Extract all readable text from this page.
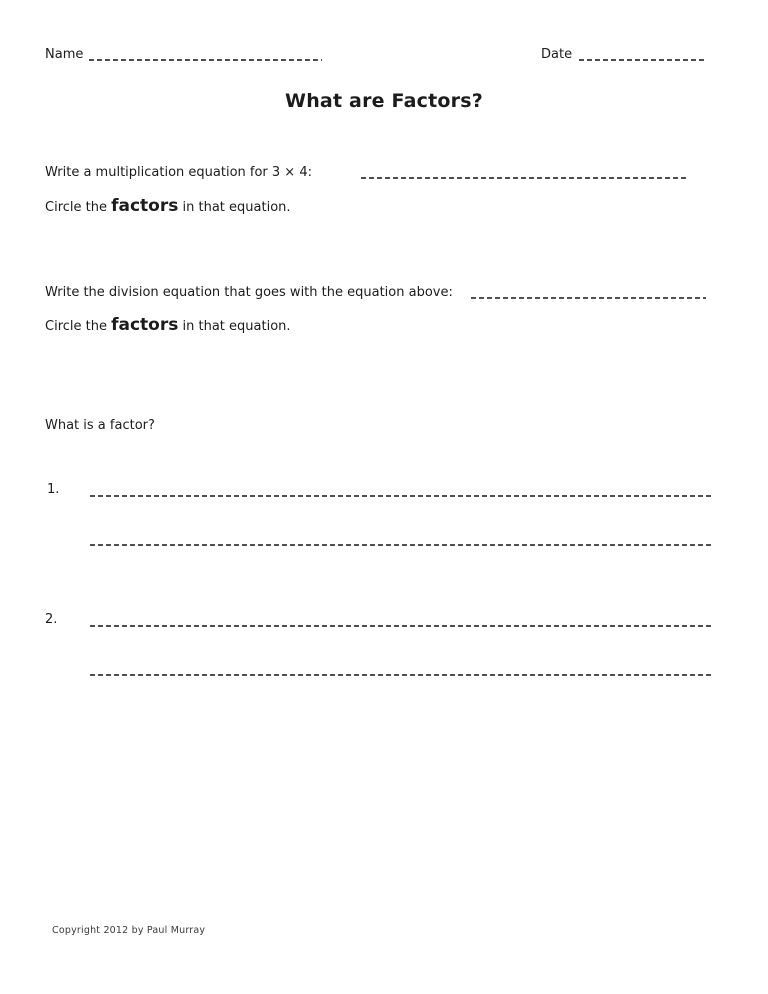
Name	Date
What are Factors?
Write a multiplication equation for 3 × 4:
Circle the factors in that equation.
Write the division equation that goes with the equation above:
Circle the factors in that equation.
What is a factor?
1.
2.
Copyright 2012 by Paul Murray
